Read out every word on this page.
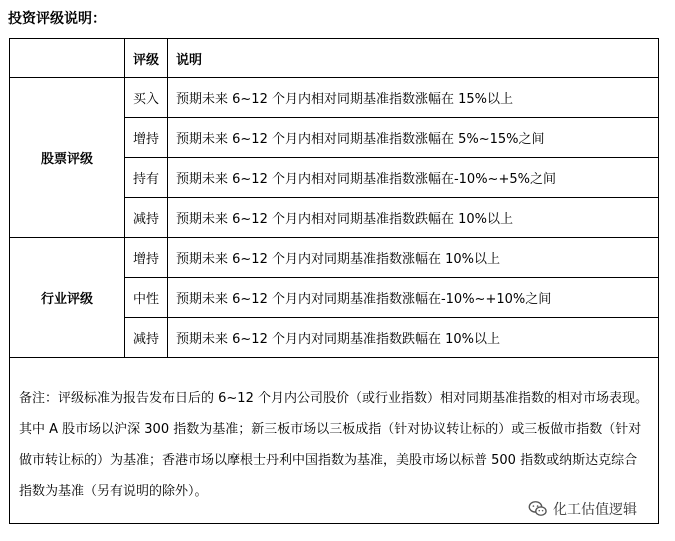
投资评级说明：
	评级	说明
股票评级	买入	预期未来 6~12 个月内相对同期基准指数涨幅在 15%以上
	增持	预期未来 6~12 个月内相对同期基准指数涨幅在 5%~15%之间
	持有	预期未来 6~12 个月内相对同期基准指数涨幅在-10%~+5%之间
	减持	预期未来 6~12 个月内相对同期基准指数跌幅在 10%以上
行业评级	增持	预期未来 6~12 个月内对同期基准指数涨幅在 10%以上
	中性	预期未来 6~12 个月内对同期基准指数涨幅在-10%~+10%之间
	减持	预期未来 6~12 个月内对同期基准指数跌幅在 10%以上

备注：评级标准为报告发布日后的 6~12 个月内公司股价（或行业指数）相对同期基准指数的相对市场表现。
其中 A 股市场以沪深 300 指数为基准；新三板市场以三板成指（针对协议转让标的）或三板做市指数（针对
做市转让标的）为基准；香港市场以摩根士丹利中国指数为基准，美股市场以标普 500 指数或纳斯达克综合
指数为基准（另有说明的除外）。		
化工估值逻辑
